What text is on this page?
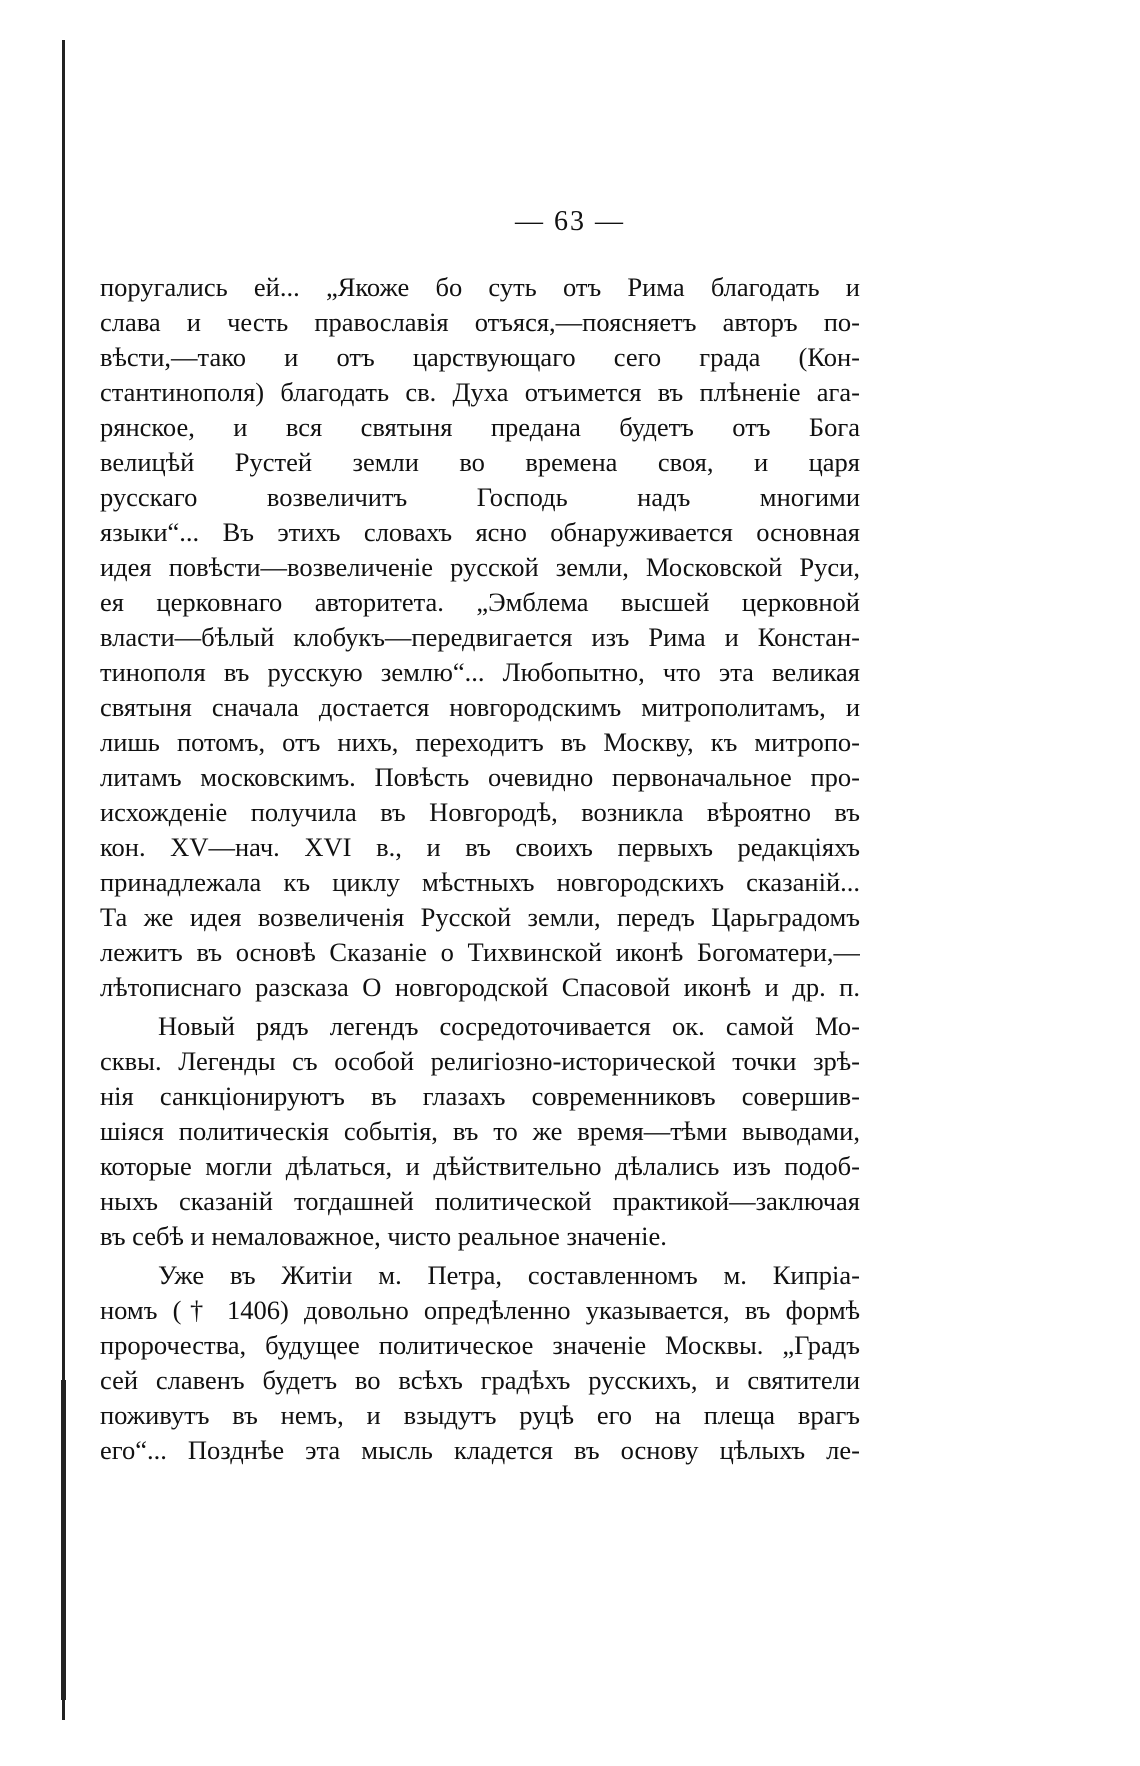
— 63 —
поругались ей... „Якоже бо суть отъ Рима благодать и
слава и честь православія отъяся,—поясняетъ авторъ по-
вѣсти,—тако и отъ царствующаго сего града (Кон-
стантинополя) благодать св. Духа отъимется въ плѣненіе ага-
рянское, и вся святыня предана будетъ отъ Бога
велицѣй Рустей земли во времена своя, и царя
русскаго возвеличитъ Господь надъ многими
языки“... Въ этихъ словахъ ясно обнаруживается основная
идея повѣсти—возвеличеніе русской земли, Московской Руси,
ея церковнаго авторитета. „Эмблема высшей церковной
власти—бѣлый клобукъ—передвигается изъ Рима и Констан-
тинополя въ русскую землю“... Любопытно, что эта великая
святыня сначала достается новгородскимъ митрополитамъ, и
лишь потомъ, отъ нихъ, переходитъ въ Москву, къ митропо-
литамъ московскимъ. Повѣсть очевидно первоначальное про-
исхожденіе получила въ Новгородѣ, возникла вѣроятно въ
кон. XV—нач. XVI в., и въ своихъ первыхъ редакціяхъ
принадлежала къ циклу мѣстныхъ новгородскихъ сказаній...
Та же идея возвеличенія Русской земли, передъ Царьградомъ
лежитъ въ основѣ Сказаніе о Тихвинской иконѣ Богоматери,—
лѣтописнаго разсказа О новгородской Спасовой иконѣ и др. п.
Новый рядъ легендъ сосредоточивается ок. самой Мо-
сквы. Легенды съ особой религіозно-исторической точки зрѣ-
нія санкціонируютъ въ глазахъ современниковъ совершив-
шіяся политическія событія, въ то же время—тѣми выводами,
которые могли дѣлаться, и дѣйствительно дѣлались изъ подоб-
ныхъ сказаній тогдашней политической практикой—заключая
въ себѣ и немаловажное, чисто реальное значеніе.
Уже въ Житіи м. Петра, составленномъ м. Кипріа-
номъ († 1406) довольно опредѣленно указывается, въ формѣ
пророчества, будущее политическое значеніе Москвы. „Градъ
сей славенъ будетъ во всѣхъ градѣхъ русскихъ, и святители
поживутъ въ немъ, и взыдутъ руцѣ его на плеща врагъ
его“... Позднѣе эта мысль кладется въ основу цѣлыхъ ле-
